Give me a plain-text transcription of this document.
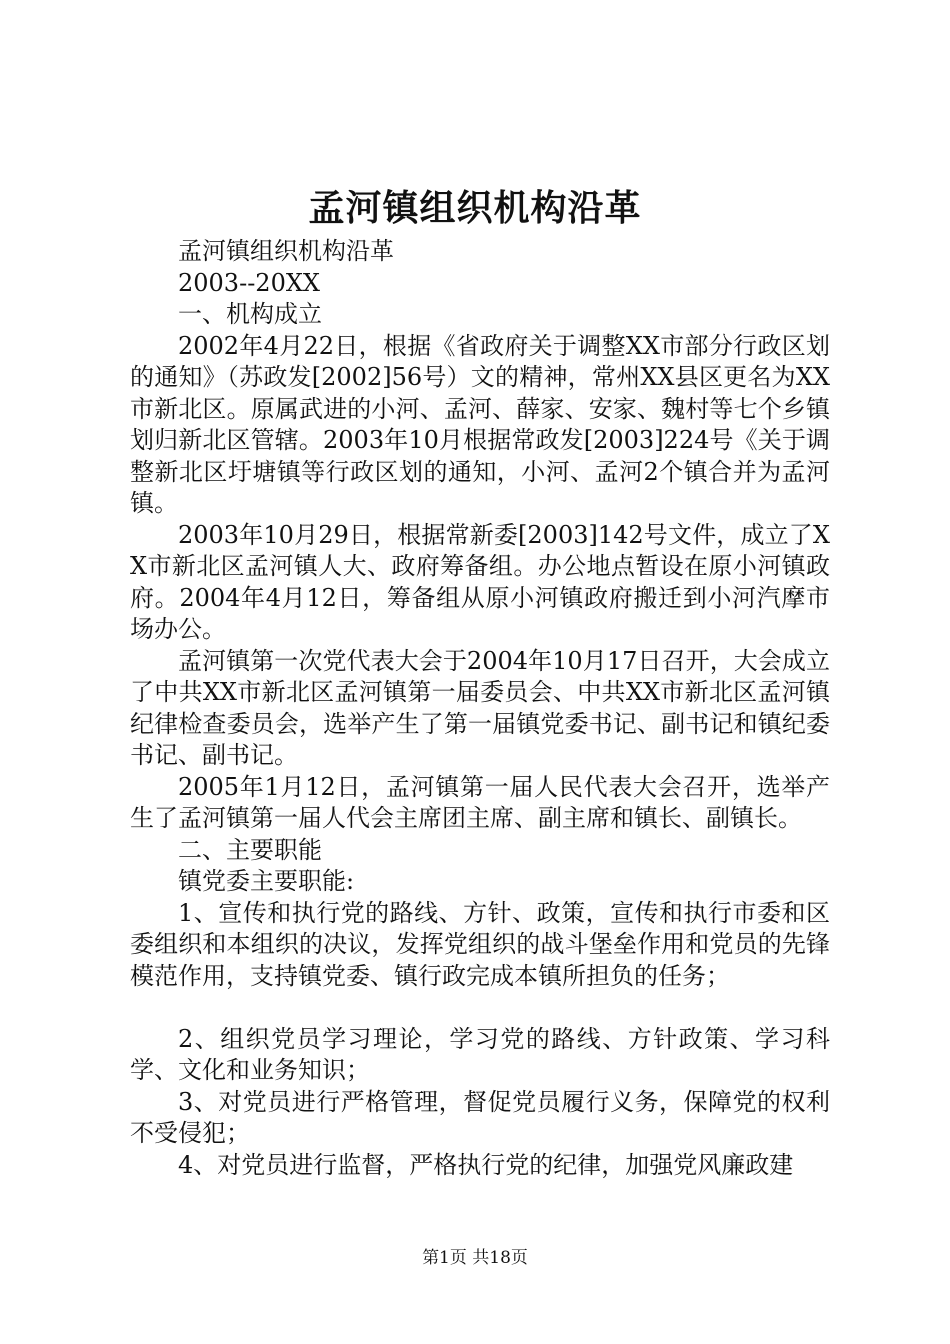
孟河镇组织机构沿革

孟河镇组织机构沿革

2003--20XX

一、机构成立

2002年4月22日，根据《省政府关于调整XX市部分行政区划的通知》（苏政发[2002]56号）文的精神，常州XX县区更名为XX市新北区。原属武进的小河、孟河、薛家、安家、魏村等七个乡镇划归新北区管辖。2003年10月根据常政发[2003]224号《关于调整新北区圩塘镇等行政区划的通知，小河、孟河2个镇合并为孟河镇。

2003年10月29日，根据常新委[2003]142号文件，成立了XX市新北区孟河镇人大、政府筹备组。办公地点暂设在原小河镇政府。2004年4月12日，筹备组从原小河镇政府搬迁到小河汽摩市场办公。

孟河镇第一次党代表大会于2004年10月17日召开，大会成立了中共XX市新北区孟河镇第一届委员会、中共XX市新北区孟河镇纪律检查委员会，选举产生了第一届镇党委书记、副书记和镇纪委书记、副书记。

2005年1月12日，孟河镇第一届人民代表大会召开，选举产生了孟河镇第一届人代会主席团主席、副主席和镇长、副镇长。

二、主要职能

镇党委主要职能:

1、宣传和执行党的路线、方针、政策，宣传和执行市委和区委组织和本组织的决议，发挥党组织的战斗堡垒作用和党员的先锋模范作用，支持镇党委、镇行政完成本镇所担负的任务；

2、组织党员学习理论，学习党的路线、方针政策、学习科学、文化和业务知识；

3、对党员进行严格管理，督促党员履行义务，保障党的权利不受侵犯；

4、对党员进行监督，严格执行党的纪律，加强党风廉政建

第1页 共18页
